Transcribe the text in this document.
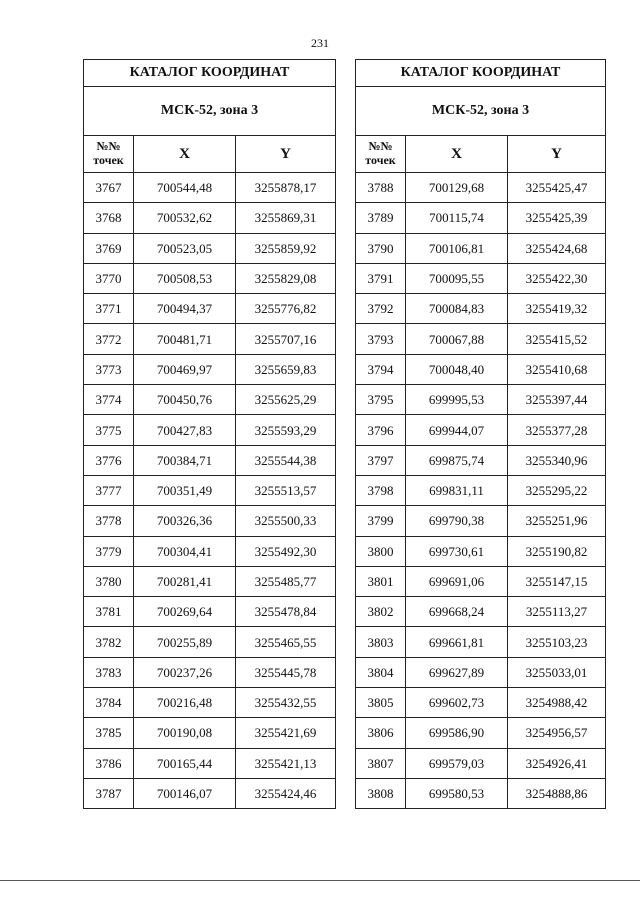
231
КАТАЛОГ КООРДИНАТ		
МСК-52, зона 3		
№№
точек	X	Y
3767	700544,48	3255878,17
3768	700532,62	3255869,31
3769	700523,05	3255859,92
3770	700508,53	3255829,08
3771	700494,37	3255776,82
3772	700481,71	3255707,16
3773	700469,97	3255659,83
3774	700450,76	3255625,29
3775	700427,83	3255593,29
3776	700384,71	3255544,38
3777	700351,49	3255513,57
3778	700326,36	3255500,33
3779	700304,41	3255492,30
3780	700281,41	3255485,77
3781	700269,64	3255478,84
3782	700255,89	3255465,55
3783	700237,26	3255445,78
3784	700216,48	3255432,55
3785	700190,08	3255421,69
3786	700165,44	3255421,13
3787	700146,07	3255424,46
КАТАЛОГ КООРДИНАТ		
МСК-52, зона 3		
№№
точек	X	Y
3788	700129,68	3255425,47
3789	700115,74	3255425,39
3790	700106,81	3255424,68
3791	700095,55	3255422,30
3792	700084,83	3255419,32
3793	700067,88	3255415,52
3794	700048,40	3255410,68
3795	699995,53	3255397,44
3796	699944,07	3255377,28
3797	699875,74	3255340,96
3798	699831,11	3255295,22
3799	699790,38	3255251,96
3800	699730,61	3255190,82
3801	699691,06	3255147,15
3802	699668,24	3255113,27
3803	699661,81	3255103,23
3804	699627,89	3255033,01
3805	699602,73	3254988,42
3806	699586,90	3254956,57
3807	699579,03	3254926,41
3808	699580,53	3254888,86
